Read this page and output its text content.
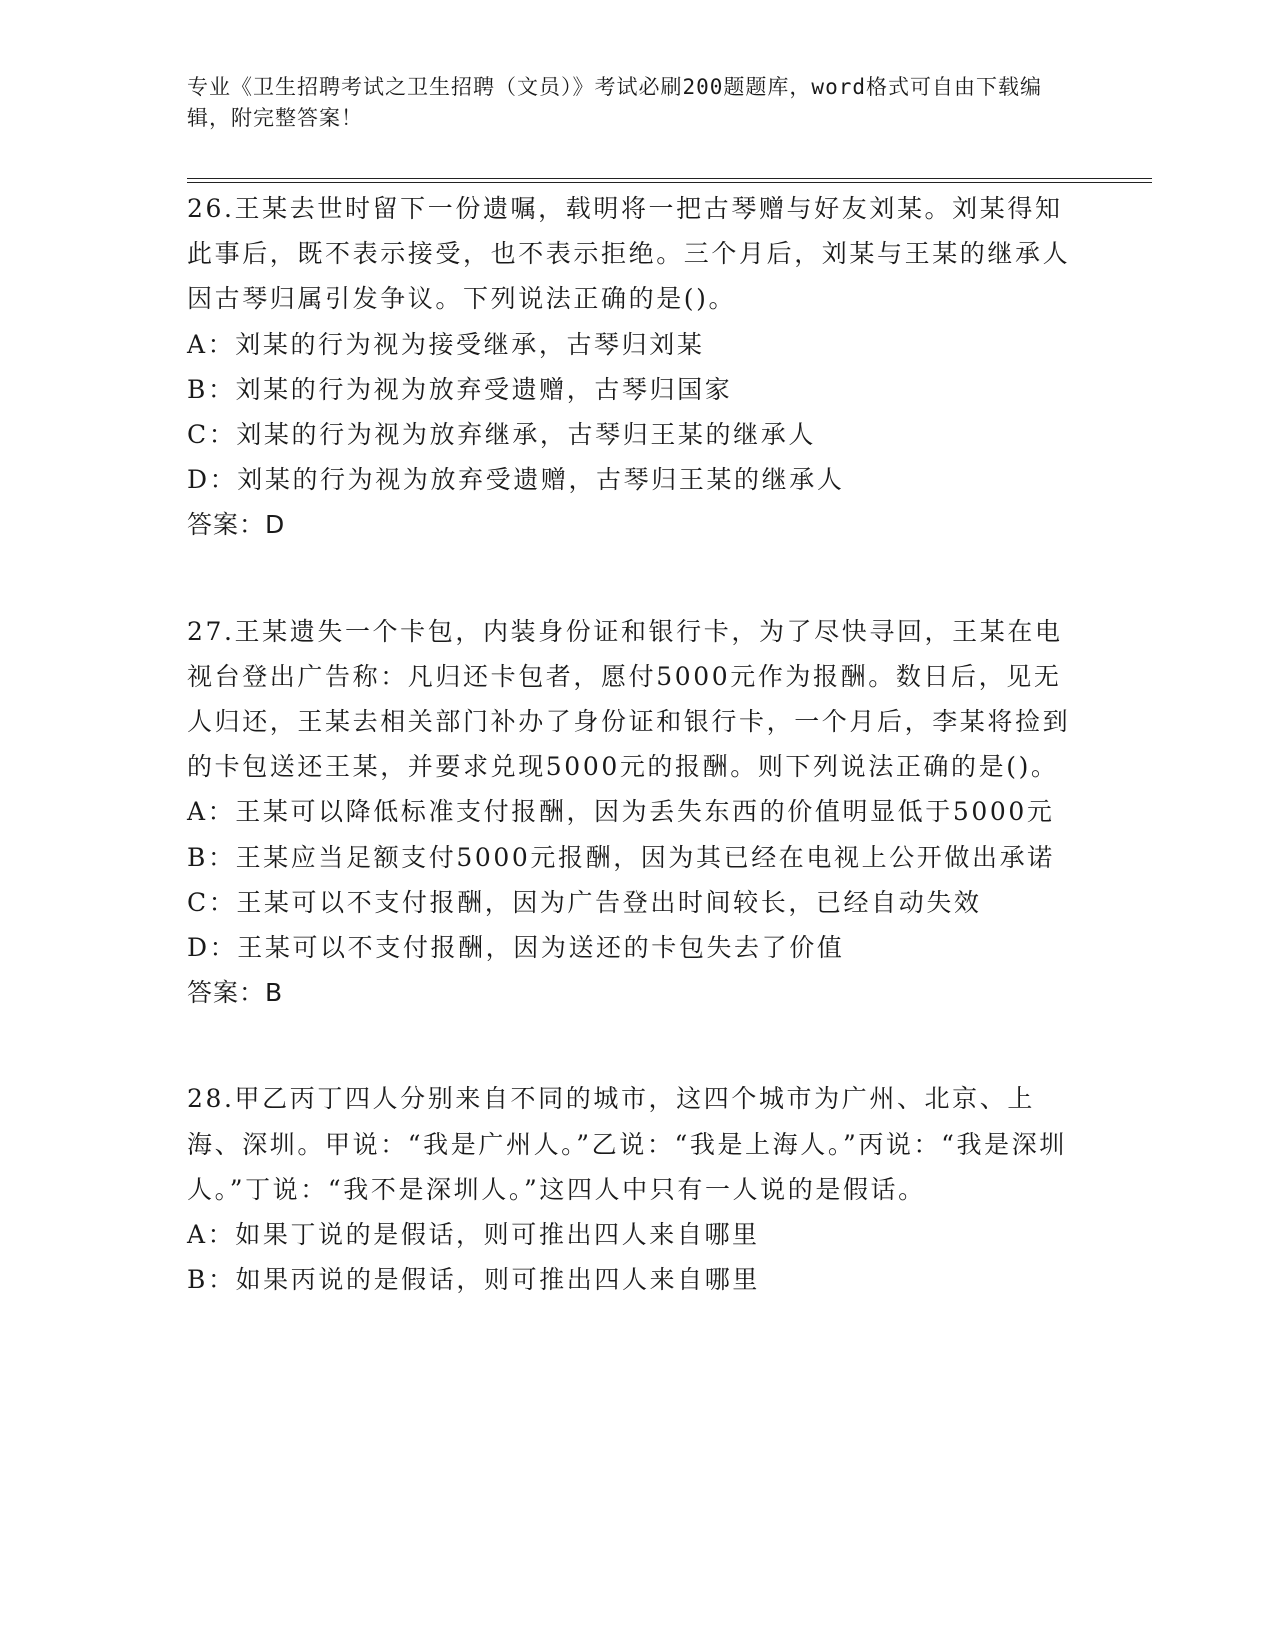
专业《卫生招聘考试之卫生招聘（文员）》考试必刷200题题库，word格式可自由下载编辑，附完整答案！

26.王某去世时留下一份遗嘱，载明将一把古琴赠与好友刘某。刘某得知此事后，既不表示接受，也不表示拒绝。三个月后，刘某与王某的继承人因古琴归属引发争议。下列说法正确的是()。

A：刘某的行为视为接受继承，古琴归刘某

B：刘某的行为视为放弃受遗赠，古琴归国家

C：刘某的行为视为放弃继承，古琴归王某的继承人

D：刘某的行为视为放弃受遗赠，古琴归王某的继承人

答案：D

27.王某遗失一个卡包，内装身份证和银行卡，为了尽快寻回，王某在电视台登出广告称：凡归还卡包者，愿付5000元作为报酬。数日后，见无人归还，王某去相关部门补办了身份证和银行卡，一个月后，李某将捡到的卡包送还王某，并要求兑现5000元的报酬。则下列说法正确的是()。

A：王某可以降低标准支付报酬，因为丢失东西的价值明显低于5000元

B：王某应当足额支付5000元报酬，因为其已经在电视上公开做出承诺

C：王某可以不支付报酬，因为广告登出时间较长，已经自动失效

D：王某可以不支付报酬，因为送还的卡包失去了价值

答案：B

28.甲乙丙丁四人分别来自不同的城市，这四个城市为广州、北京、上海、深圳。甲说：“我是广州人。”乙说：“我是上海人。”丙说：“我是深圳人。”丁说：“我不是深圳人。”这四人中只有一人说的是假话。

A：如果丁说的是假话，则可推出四人来自哪里

B：如果丙说的是假话，则可推出四人来自哪里
